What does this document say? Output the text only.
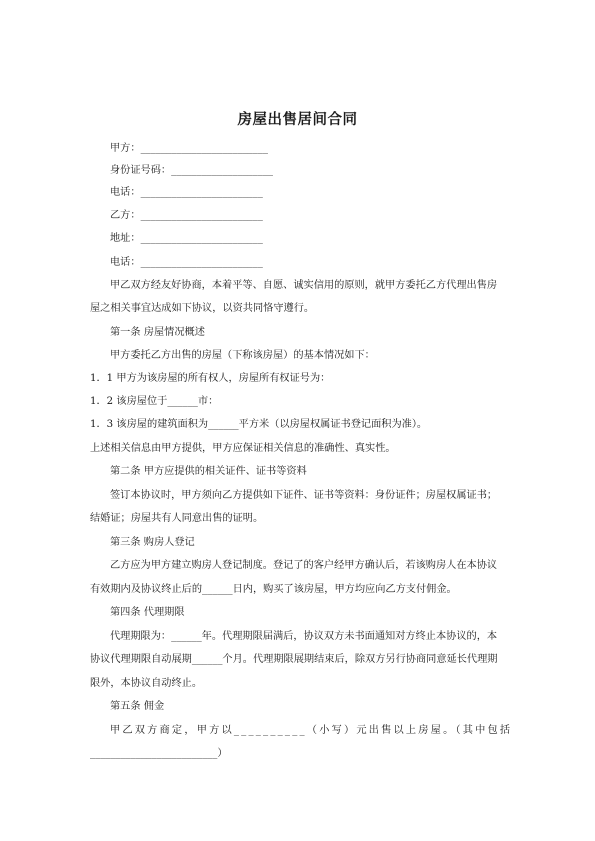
房屋出售居间合同
甲方：_________________________
身份证号码：____________________
电话：________________________
乙方：________________________
地址：________________________
电话：________________________
甲乙双方经友好协商，本着平等、自愿、诚实信用的原则，就甲方委托乙方代理出售房
屋之相关事宜达成如下协议，以资共同恪守遵行。
第一条 房屋情况概述
甲方委托乙方出售的房屋（下称该房屋）的基本情况如下：
1．1 甲方为该房屋的所有权人，房屋所有权证号为：
1．2 该房屋位于______市：
1．3 该房屋的建筑面积为______平方米（以房屋权属证书登记面积为准）。
上述相关信息由甲方提供，甲方应保证相关信息的准确性、真实性。
第二条 甲方应提供的相关证件、证书等资料
签订本协议时，甲方须向乙方提供如下证件、证书等资料：身份证件；房屋权属证书；
结婚证；房屋共有人同意出售的证明。
第三条 购房人登记
乙方应为甲方建立购房人登记制度。登记了的客户经甲方确认后，若该购房人在本协议
有效期内及协议终止后的______日内，购买了该房屋，甲方均应向乙方支付佣金。
第四条 代理期限
代理期限为：______年。代理期限届满后，协议双方未书面通知对方终止本协议的，本
协议代理期限自动展期______个月。代理期限展期结束后，除双方另行协商同意延长代理期
限外，本协议自动终止。
第五条 佣金
甲乙双方商定，甲方以__________（小写）元出售以上房屋。（其中包括
_________________________）
